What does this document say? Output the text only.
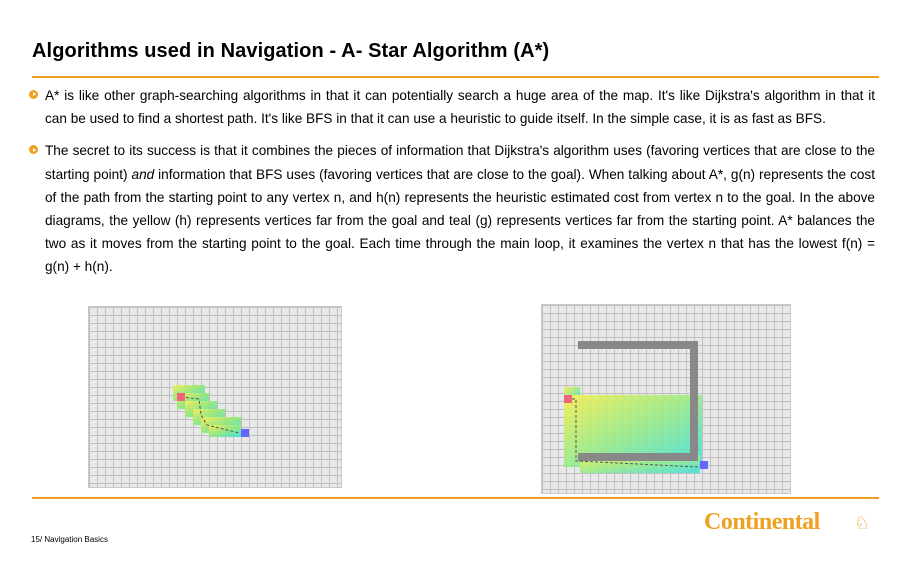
Algorithms used in Navigation - A- Star Algorithm (A*)
A* is like other graph-searching algorithms in that it can potentially search a huge area of the map. It's like Dijkstra's algorithm in that it can be used to find a shortest path. It's like BFS in that it can use a heuristic to guide itself. In the simple case, it is as fast as BFS.
The secret to its success is that it combines the pieces of information that Dijkstra's algorithm uses (favoring vertices that are close to the starting point) and information that BFS uses (favoring vertices that are close to the goal). When talking about A*, g(n) represents the cost of the path from the starting point to any vertex n, and h(n) represents the heuristic estimated cost from vertex n to the goal. In the above diagrams, the yellow (h) represents vertices far from the goal and teal (g) represents vertices far from the starting point. A* balances the two as it moves from the starting point to the goal. Each time through the main loop, it examines the vertex n that has the lowest f(n) = g(n) + h(n).
15/ Navigation Basics
Continental ♘
